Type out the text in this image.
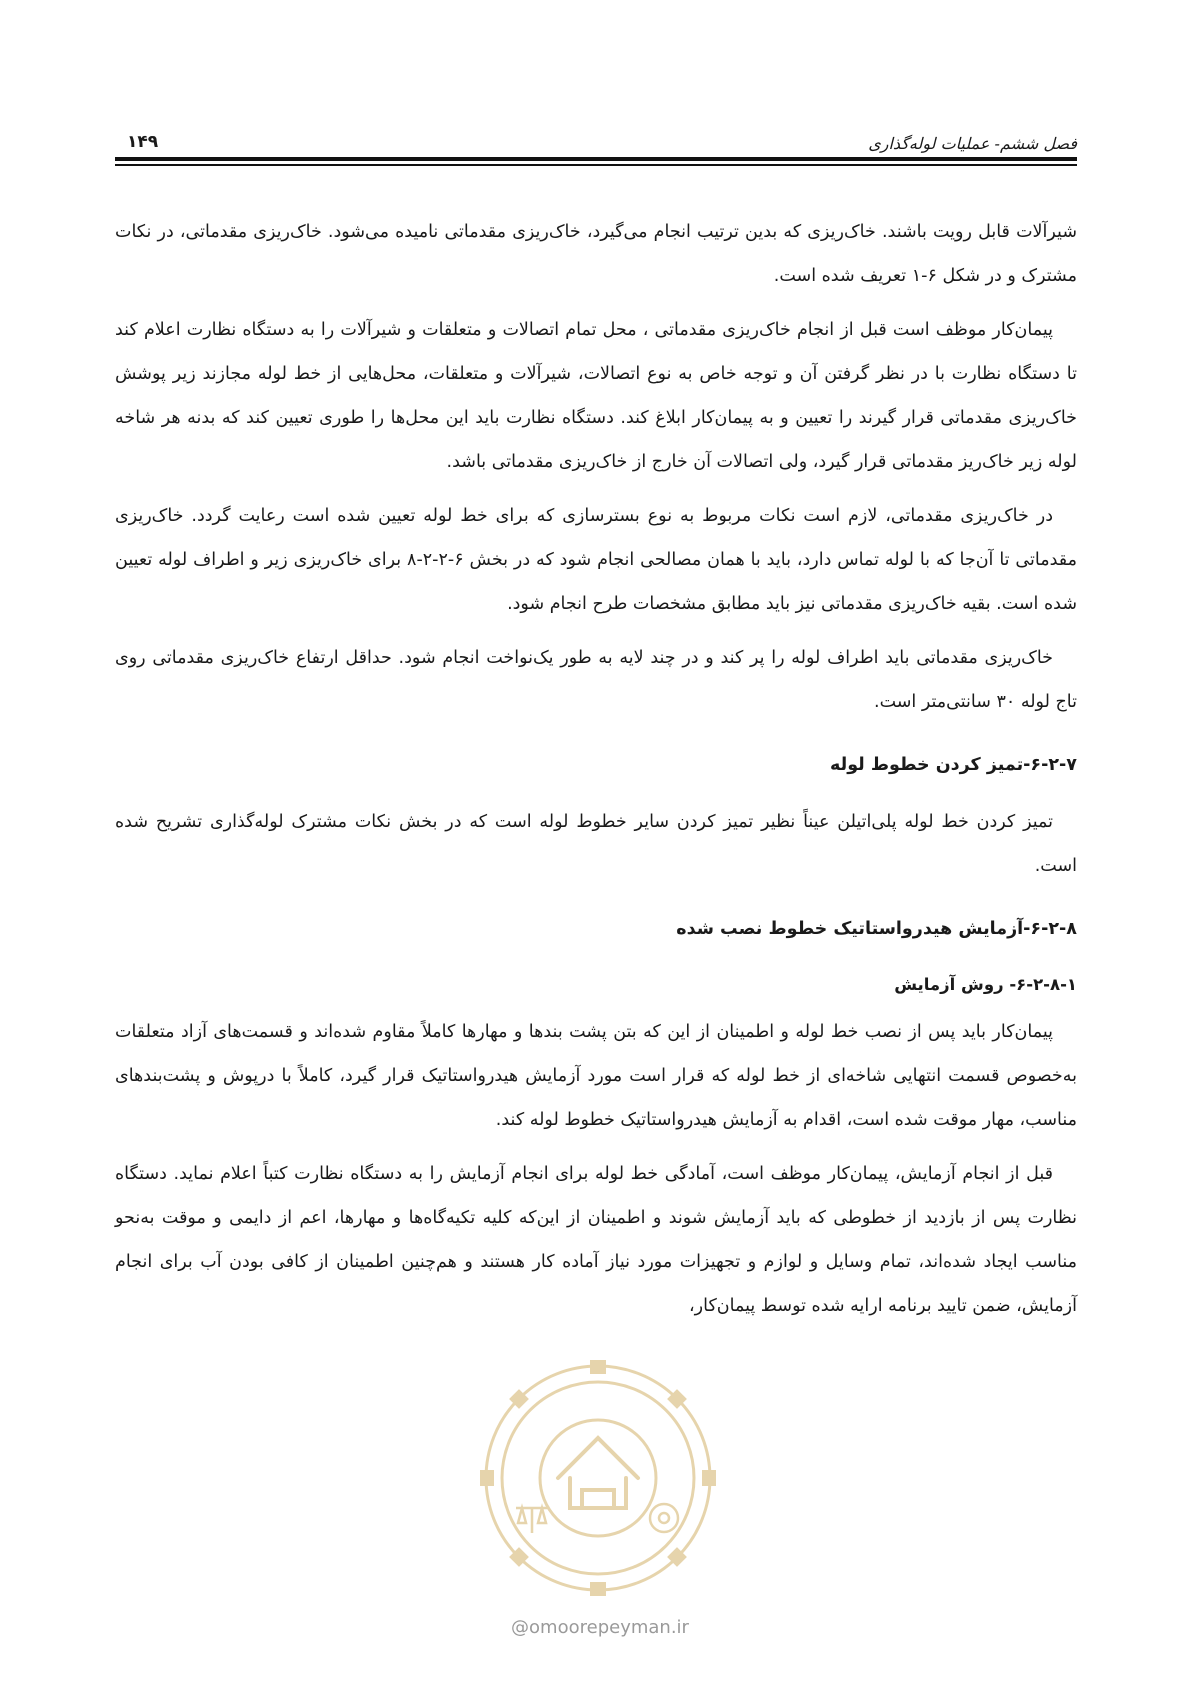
فصل ششم- عملیات لوله‌گذاری
۱۴۹

شیرآلات قابل رویت باشند. خاک‌ریزی که بدین ترتیب انجام می‌گیرد، خاک‌ریزی مقدماتی نامیده می‌شود. خاک‌ریزی مقدماتی، در نکات مشترک و در شکل ۶-۱ تعریف شده است.

پیمان‌کار موظف است قبل از انجام خاک‌ریزی مقدماتی ، محل تمام اتصالات و متعلقات و شیرآلات را به دستگاه نظارت اعلام کند تا دستگاه نظارت با در نظر گرفتن آن و توجه خاص به نوع اتصالات، شیرآلات و متعلقات، محل‌هایی از خط لوله مجازند زیر پوشش خاک‌ریزی مقدماتی قرار گیرند را تعیین و به پیمان‌کار ابلاغ کند. دستگاه نظارت باید این محل‌ها را طوری تعیین کند که بدنه هر شاخه لوله زیر خاک‌ریز مقدماتی قرار گیرد، ولی اتصالات آن خارج از خاک‌ریزی مقدماتی باشد.

در خاک‌ریزی مقدماتی، لازم است نکات مربوط به نوع بسترسازی که برای خط لوله تعیین شده است رعایت گردد. خاک‌ریزی مقدماتی تا آن‌جا که با لوله تماس دارد، باید با همان مصالحی انجام شود که در بخش ۶-۲-۲-۸ برای خاک‌ریزی زیر و اطراف لوله تعیین شده است. بقیه خاک‌ریزی مقدماتی نیز باید مطابق مشخصات طرح انجام شود.

خاک‌ریزی مقدماتی باید اطراف لوله را پر کند و در چند لایه به طور یک‌نواخت انجام شود. حداقل ارتفاع خاک‌ریزی مقدماتی روی تاج لوله ۳۰ سانتی‌متر است.

۶-۲-۷-تمیز کردن خطوط لوله

تمیز کردن خط لوله پلی‌اتیلن عیناً نظیر تمیز کردن سایر خطوط لوله است که در بخش نکات مشترک لوله‌گذاری تشریح شده است.

۶-۲-۸-آزمایش هیدرواستاتیک خطوط نصب شده
۶-۲-۸-۱- روش آزمایش

پیمان‌کار باید پس از نصب خط لوله و اطمینان از این که بتن پشت بندها و مهارها کاملاً مقاوم شده‌اند و قسمت‌های آزاد متعلقات به‌خصوص قسمت انتهایی شاخه‌ای از خط لوله که قرار است مورد آزمایش هیدرواستاتیک قرار گیرد، کاملاً با درپوش و پشت‌بندهای مناسب، مهار موقت شده است، اقدام به آزمایش هیدرواستاتیک خطوط لوله کند.

قبل از انجام آزمایش، پیمان‌کار موظف است، آمادگی خط لوله برای انجام آزمایش را به دستگاه نظارت کتباً اعلام نماید. دستگاه نظارت پس از بازدید از خطوطی که باید آزمایش شوند و اطمینان از این‌که کلیه تکیه‌گاه‌ها و مهارها، اعم از دایمی و موقت به‌نحو مناسب ایجاد شده‌اند، تمام وسایل و لوازم و تجهیزات مورد نیاز آماده کار هستند و هم‌چنین اطمینان از کافی بودن آب برای انجام آزمایش، ضمن تایید برنامه ارایه شده توسط پیمان‌کار،

@omoorepeyman.ir
